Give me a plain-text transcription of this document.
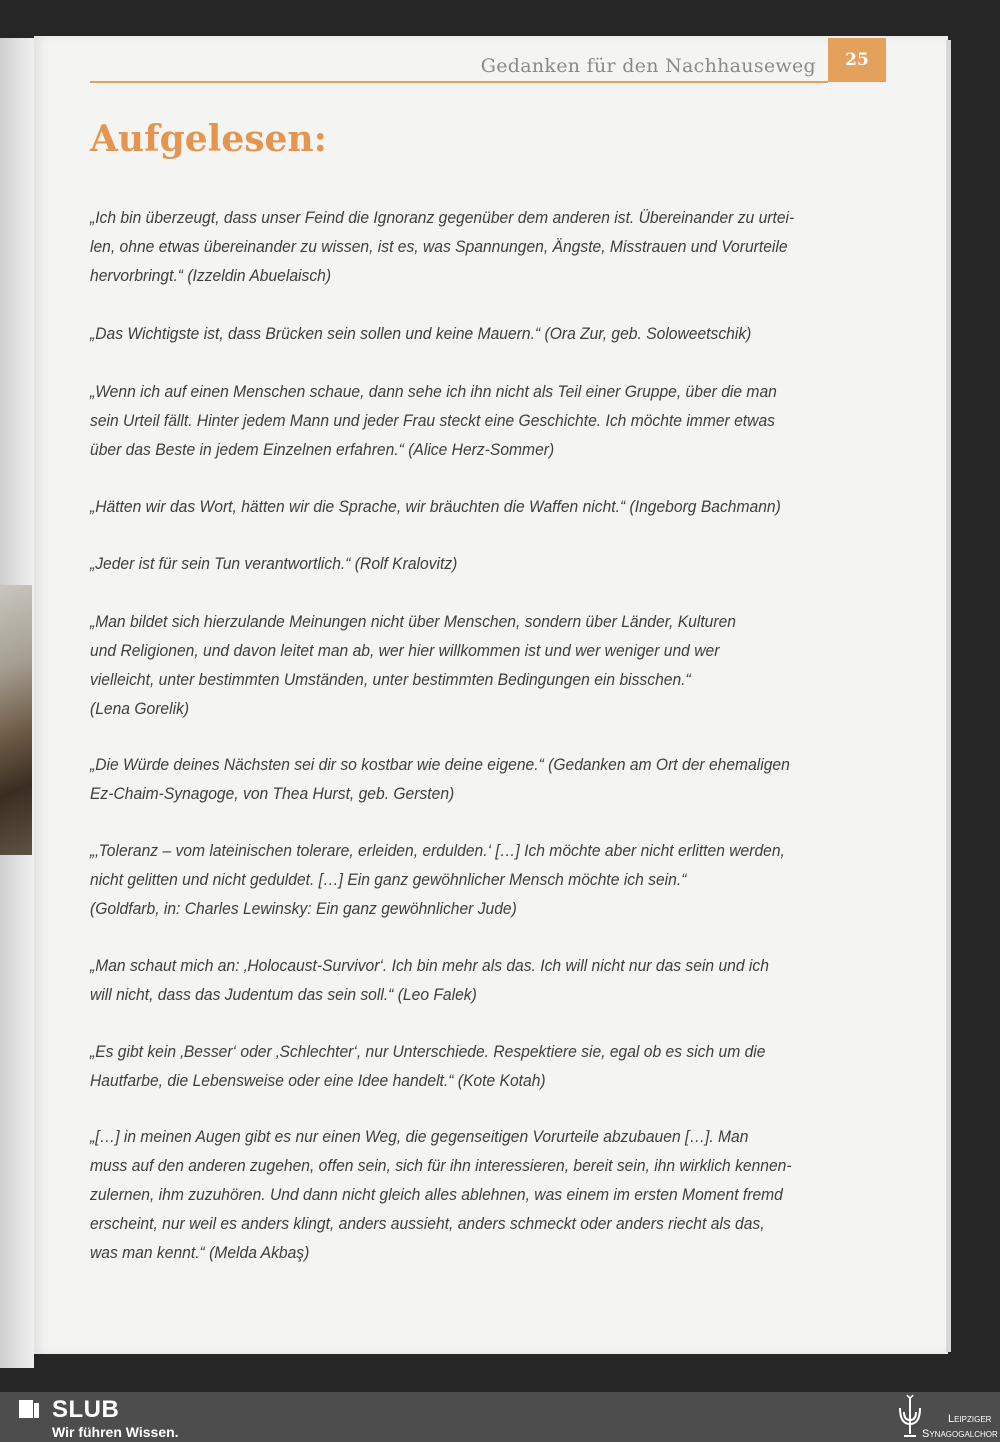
Gedanken für den Nachhauseweg	25
Aufgelesen:

„Ich bin überzeugt, dass unser Feind die Ignoranz gegenüber dem anderen ist. Übereinander zu urtei-
len, ohne etwas übereinander zu wissen, ist es, was Spannungen, Ängste, Misstrauen und Vorurteile
hervorbringt.“ (Izzeldin Abuelaisch)

„Das Wichtigste ist, dass Brücken sein sollen und keine Mauern.“ (Ora Zur, geb. Soloweetschik)

„Wenn ich auf einen Menschen schaue, dann sehe ich ihn nicht als Teil einer Gruppe, über die man
sein Urteil fällt. Hinter jedem Mann und jeder Frau steckt eine Geschichte. Ich möchte immer etwas
über das Beste in jedem Einzelnen erfahren.“ (Alice Herz-Sommer)

„Hätten wir das Wort, hätten wir die Sprache, wir bräuchten die Waffen nicht.“ (Ingeborg Bachmann)

„Jeder ist für sein Tun verantwortlich.“ (Rolf Kralovitz)

„Man bildet sich hierzulande Meinungen nicht über Menschen, sondern über Länder, Kulturen
und Religionen, und davon leitet man ab, wer hier willkommen ist und wer weniger und wer
vielleicht, unter bestimmten Umständen, unter bestimmten Bedingungen ein bisschen.“
(Lena Gorelik)

„Die Würde deines Nächsten sei dir so kostbar wie deine eigene.“ (Gedanken am Ort der ehemaligen
Ez-Chaim-Synagoge, von Thea Hurst, geb. Gersten)

„‚Toleranz – vom lateinischen tolerare, erleiden, erdulden.‘ […] Ich möchte aber nicht erlitten werden,
nicht gelitten und nicht geduldet. […] Ein ganz gewöhnlicher Mensch möchte ich sein.“
(Goldfarb, in: Charles Lewinsky: Ein ganz gewöhnlicher Jude)

„Man schaut mich an: ‚Holocaust-Survivor‘. Ich bin mehr als das. Ich will nicht nur das sein und ich
will nicht, dass das Judentum das sein soll.“ (Leo Falek)

„Es gibt kein ‚Besser‘ oder ‚Schlechter‘, nur Unterschiede. Respektiere sie, egal ob es sich um die
Hautfarbe, die Lebensweise oder eine Idee handelt.“ (Kote Kotah)

„[…] in meinen Augen gibt es nur einen Weg, die gegenseitigen Vorurteile abzubauen […]. Man
muss auf den anderen zugehen, offen sein, sich für ihn interessieren, bereit sein, ihn wirklich kennen-
zulernen, ihm zuzuhören. Und dann nicht gleich alles ablehnen, was einem im ersten Moment fremd
erscheint, nur weil es anders klingt, anders aussieht, anders schmeckt oder anders riecht als das,
was man kennt.“ (Melda Akbaş)

SLUB
Wir führen Wissen.
Leipziger
Synagogalchor
